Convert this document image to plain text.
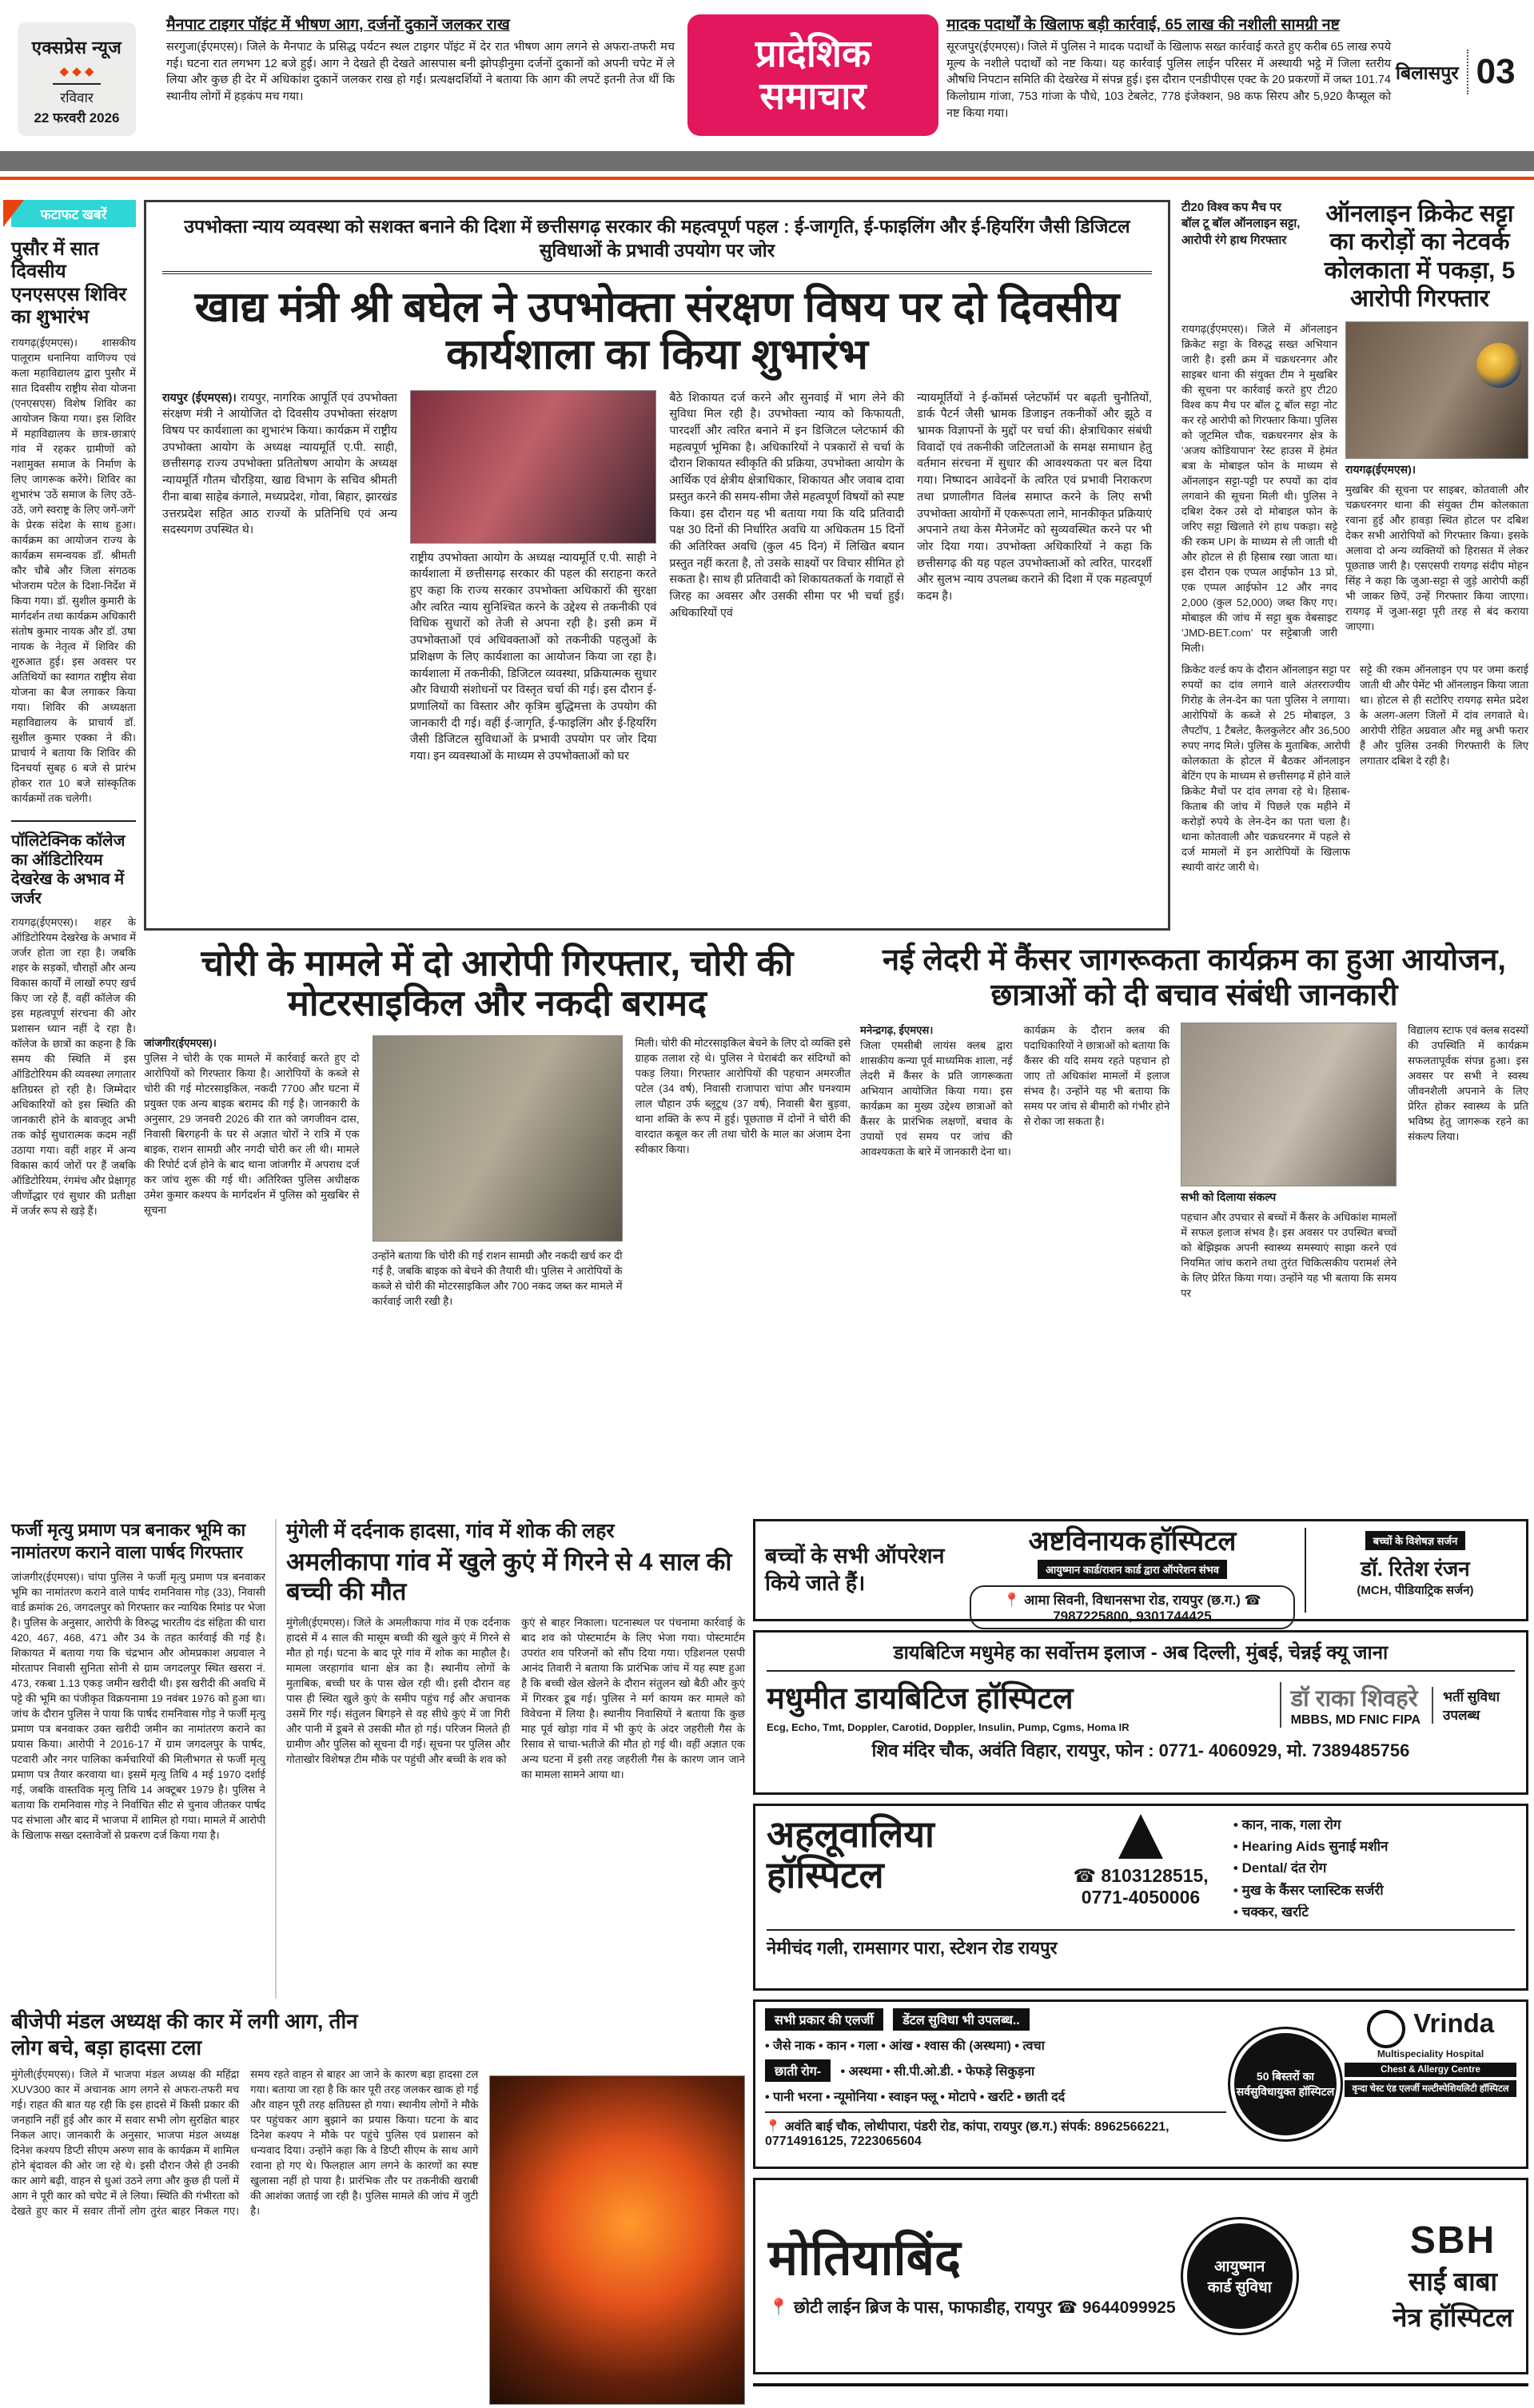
एक्सप्रेस न्यूज
◆ ◆ ◆
रविवार
22 फरवरी 2026
मैनपाट टाइगर पॉइंट में भीषण आग, दर्जनों दुकानें जलकर राख
सरगुजा(ईएमएस)। जिले के मैनपाट के प्रसिद्ध पर्यटन स्थल टाइगर पॉइंट में देर रात भीषण आग लगने से अफरा-तफरी मच गई। घटना रात लगभग 12 बजे हुई। आग ने देखते ही देखते आसपास बनी झोपड़ीनुमा दर्जनों दुकानों को अपनी चपेट में ले लिया और कुछ ही देर में अधिकांश दुकानें जलकर राख हो गईं। प्रत्यक्षदर्शियों ने बताया कि आग की लपटें इतनी तेज थीं कि स्थानीय लोगों में हड़कंप मच गया।
प्रादेशिक
समाचार
मादक पदार्थों के खिलाफ बड़ी कार्रवाई, 65 लाख की नशीली सामग्री नष्ट
सूरजपुर(ईएमएस)। जिले में पुलिस ने मादक पदार्थों के खिलाफ सख्त कार्रवाई करते हुए करीब 65 लाख रुपये मूल्य के नशीले पदार्थों को नष्ट किया। यह कार्रवाई पुलिस लाईन परिसर में अस्थायी भट्ठे में जिला स्तरीय औषधि निपटान समिति की देखरेख में संपन्न हुई। इस दौरान एनडीपीएस एक्ट के 20 प्रकरणों में जब्त 101.74 किलोग्राम गांजा, 753 गांजा के पौधे, 103 टेबलेट, 778 इंजेक्शन, 98 कफ सिरप और 5,920 कैप्सूल को नष्ट किया गया।
बिलासपुर 03
फटाफट खबरें
पुसौर में सात दिवसीय एनएसएस शिविर का शुभारंभ
रायगढ़(ईएमएस)। शासकीय पालूराम धनानिया वाणिज्य एवं कला महाविद्यालय द्वारा पुसौर में सात दिवसीय राष्ट्रीय सेवा योजना (एनएसएस) विशेष शिविर का आयोजन किया गया। इस शिविर में महाविद्यालय के छात्र-छात्राएं गांव में रहकर ग्रामीणों को नशामुक्त समाज के निर्माण के लिए जागरूक करेंगे। शिविर का शुभारंभ 'उठें समाज के लिए उठें-उठें, जगे स्वराष्ट्र के लिए जगें-जगें' के प्रेरक संदेश के साथ हुआ। कार्यक्रम का आयोजन राज्य के कार्यक्रम समन्वयक डॉ. श्रीमती कौर चौबे और जिला संगठक भोजराम पटेल के दिशा-निर्देश में किया गया। डॉ. सुशील कुमारी के मार्गदर्शन तथा कार्यक्रम अधिकारी संतोष कुमार नायक और डॉ. उषा नायक के नेतृत्व में शिविर की शुरुआत हुई। इस अवसर पर अतिथियों का स्वागत राष्ट्रीय सेवा योजना का बैज लगाकर किया गया। शिविर की अध्यक्षता महाविद्यालय के प्राचार्य डॉ. सुशील कुमार एक्का ने की। प्राचार्य ने बताया कि शिविर की दिनचर्या सुबह 6 बजे से प्रारंभ होकर रात 10 बजे सांस्कृतिक कार्यक्रमों तक चलेगी।
पॉलिटेक्निक कॉलेज का ऑडिटोरियम देखरेख के अभाव में जर्जर
रायगढ़(ईएमएस)। शहर के ऑडिटोरियम देखरेख के अभाव में जर्जर होता जा रहा है। जबकि शहर के सड़कों, चौराहों और अन्य विकास कार्यों में लाखों रुपए खर्च किए जा रहे हैं, वहीं कॉलेज की इस महत्वपूर्ण संरचना की ओर प्रशासन ध्यान नहीं दे रहा है। कॉलेज के छात्रों का कहना है कि समय की स्थिति में इस ऑडिटोरियम की व्यवस्था लगातार क्षतिग्रस्त हो रही है। जिम्मेदार अधिकारियों को इस स्थिति की जानकारी होने के बावजूद अभी तक कोई सुधारात्मक कदम नहीं उठाया गया। वहीं शहर में अन्य विकास कार्य जोरों पर हैं जबकि ऑडिटोरियम, रंगमंच और प्रेक्षागृह जीर्णोद्धार एवं सुधार की प्रतीक्षा में जर्जर रूप से खड़े हैं।
उपभोक्ता न्याय व्यवस्था को सशक्त बनाने की दिशा में छत्तीसगढ़ सरकार की महत्वपूर्ण पहल : ई-जागृति, ई-फाइलिंग और ई-हियरिंग जैसी डिजिटल सुविधाओं के प्रभावी उपयोग पर जोर
खाद्य मंत्री श्री बघेल ने उपभोक्ता संरक्षण विषय पर दो दिवसीय कार्यशाला का किया शुभारंभ
रायपुर (ईएमएस)। रायपुर, नागरिक आपूर्ति एवं उपभोक्ता संरक्षण मंत्री ने आयोजित दो दिवसीय उपभोक्ता संरक्षण विषय पर कार्यशाला का शुभारंभ किया। कार्यक्रम में राष्ट्रीय उपभोक्ता आयोग के अध्यक्ष न्यायमूर्ति ए.पी. साही, छत्तीसगढ़ राज्य उपभोक्ता प्रतितोषण आयोग के अध्यक्ष न्यायमूर्ति गौतम चौरड़िया, खाद्य विभाग के सचिव श्रीमती रीना बाबा साहेब कंगाले, मध्यप्रदेश, गोवा, बिहार, झारखंड उत्तरप्रदेश सहित आठ राज्यों के प्रतिनिधि एवं अन्य सदस्यगण उपस्थित थे।
राष्ट्रीय उपभोक्ता आयोग के अध्यक्ष न्यायमूर्ति ए.पी. साही ने कार्यशाला में छत्तीसगढ़ सरकार की पहल की सराहना करते हुए कहा कि राज्य सरकार उपभोक्ता अधिकारों की सुरक्षा और त्वरित न्याय सुनिश्चित करने के उद्देश्य से तकनीकी एवं विधिक सुधारों को तेजी से अपना रही है। इसी क्रम में उपभोक्ताओं एवं अधिवक्ताओं को तकनीकी पहलुओं के प्रशिक्षण के लिए कार्यशाला का आयोजन किया जा रहा है। कार्यशाला में तकनीकी, डिजिटल व्यवस्था, प्रक्रियात्मक सुधार और विधायी संशोधनों पर विस्तृत चर्चा की गई। इस दौरान ई-प्रणालियों का विस्तार और कृत्रिम बुद्धिमत्ता के उपयोग की जानकारी दी गई। वहीं ई-जागृति, ई-फाइलिंग और ई-हियरिंग जैसी डिजिटल सुविधाओं के प्रभावी उपयोग पर जोर दिया गया। इन व्यवस्थाओं के माध्यम से उपभोक्ताओं को घर
बैठे शिकायत दर्ज करने और सुनवाई में भाग लेने की सुविधा मिल रही है। उपभोक्ता न्याय को किफायती, पारदर्शी और त्वरित बनाने में इन डिजिटल प्लेटफार्म की महत्वपूर्ण भूमिका है। अधिकारियों ने पत्रकारों से चर्चा के दौरान शिकायत स्वीकृति की प्रक्रिया, उपभोक्ता आयोग के आर्थिक एवं क्षेत्रीय क्षेत्राधिकार, शिकायत और जवाब दावा प्रस्तुत करने की समय-सीमा जैसे महत्वपूर्ण विषयों को स्पष्ट किया। इस दौरान यह भी बताया गया कि यदि प्रतिवादी पक्ष 30 दिनों की निर्धारित अवधि या अधिकतम 15 दिनों की अतिरिक्त अवधि (कुल 45 दिन) में लिखित बयान प्रस्तुत नहीं करता है, तो उसके साक्ष्यों पर विचार सीमित हो सकता है। साथ ही प्रतिवादी को शिकायतकर्ता के गवाहों से जिरह का अवसर और उसकी सीमा पर भी चर्चा हुई। अधिकारियों एवं
न्यायमूर्तियों ने ई-कॉमर्स प्लेटफॉर्म पर बढ़ती चुनौतियों, डार्क पैटर्न जैसी भ्रामक डिजाइन तकनीकों और झूठे व भ्रामक विज्ञापनों के मुद्दों पर चर्चा की। क्षेत्राधिकार संबंधी विवादों एवं तकनीकी जटिलताओं के समक्ष समाधान हेतु वर्तमान संरचना में सुधार की आवश्यकता पर बल दिया गया। निष्पादन आवेदनों के त्वरित एवं प्रभावी निराकरण तथा प्रणालीगत विलंब समाप्त करने के लिए सभी उपभोक्ता आयोगों में एकरूपता लाने, मानकीकृत प्रक्रियाएं अपनाने तथा केस मैनेजमेंट को सुव्यवस्थित करने पर भी जोर दिया गया। उपभोक्ता अधिकारियों ने कहा कि छत्तीसगढ़ की यह पहल उपभोक्ताओं को त्वरित, पारदर्शी और सुलभ न्याय उपलब्ध कराने की दिशा में एक महत्वपूर्ण कदम है।
टी20 विश्व कप मैच पर बॉल टू बॉल ऑनलाइन सट्टा, आरोपी रंगे हाथ गिरफ्तार
ऑनलाइन क्रिकेट सट्टा का करोड़ों का नेटवर्क कोलकाता में पकड़ा, 5 आरोपी गिरफ्तार
रायगढ़(ईएमएस)। जिले में ऑनलाइन क्रिकेट सट्टा के विरुद्ध सख्त अभियान जारी है। इसी क्रम में चक्रधरनगर और साइबर थाना की संयुक्त टीम ने मुखबिर की सूचना पर कार्रवाई करते हुए टी20 विश्व कप मैच पर बॉल टू बॉल सट्टा नोट कर रहे आरोपी को गिरफ्तार किया। पुलिस को जूटमिल चौक, चक्रधरनगर क्षेत्र के 'अजय कोडियापान' रेस्ट हाउस में हेमंत बत्रा के मोबाइल फोन के माध्यम से ऑनलाइन सट्टा-पट्टी पर रुपयों का दांव लगवाने की सूचना मिली थी। पुलिस ने दबिश देकर उसे दो मोबाइल फोन के जरिए सट्टा खिलाते रंगे हाथ पकड़ा। सट्टे की रकम UPI के माध्यम से ली जाती थी और होटल से ही हिसाब रखा जाता था। इस दौरान एक एप्पल आईफोन 13 प्रो, एक एप्पल आईफोन 12 और नगद 2,000 (कुल 52,000) जब्त किए गए। मोबाइल की जांच में सट्टा बुक वेबसाइट 'JMD-BET.com' पर सट्टेबाजी जारी मिली।
रायगढ़(ईएमएस)।
मुखबिर की सूचना पर साइबर, कोतवाली और चक्रधरनगर थाना की संयुक्त टीम कोलकाता रवाना हुई और हावड़ा स्थित होटल पर दबिश देकर सभी आरोपियों को गिरफ्तार किया। इसके अलावा दो अन्य व्यक्तियों को हिरासत में लेकर पूछताछ जारी है। एसएसपी रायगढ़ संदीप मोहन सिंह ने कहा कि जुआ-सट्टा से जुड़े आरोपी कहीं भी जाकर छिपें, उन्हें गिरफ्तार किया जाएगा। रायगढ़ में जुआ-सट्टा पूरी तरह से बंद कराया जाएगा।
क्रिकेट वर्ल्ड कप के दौरान ऑनलाइन सट्टा पर रुपयों का दांव लगाने वाले अंतरराज्यीय गिरोह के लेन-देन का पता पुलिस ने लगाया। आरोपियों के कब्जे से 25 मोबाइल, 3 लैपटॉप, 1 टैबलेट, कैलकुलेटर और 36,500 रुपए नगद मिले। पुलिस के मुताबिक, आरोपी कोलकाता के होटल में बैठकर ऑनलाइन बेटिंग एप के माध्यम से छत्तीसगढ़ में होने वाले क्रिकेट मैचों पर दांव लगवा रहे थे। हिसाब-किताब की जांच में पिछले एक महीने में करोड़ों रुपये के लेन-देन का पता चला है। थाना कोतवाली और चक्रधरनगर में पहले से दर्ज मामलों में इन आरोपियों के खिलाफ स्थायी वारंट जारी थे।
सट्टे की रकम ऑनलाइन एप पर जमा कराई जाती थी और पेमेंट भी ऑनलाइन किया जाता था। होटल से ही सटोरिए रायगढ़ समेत प्रदेश के अलग-अलग जिलों में दांव लगवाते थे। आरोपी रोहित अग्रवाल और मन्नु अभी फरार हैं और पुलिस उनकी गिरफ्तारी के लिए लगातार दबिश दे रही है।
चोरी के मामले में दो आरोपी गिरफ्तार, चोरी की मोटरसाइकिल और नकदी बरामद
जांजगीर(ईएमएस)।
पुलिस ने चोरी के एक मामले में कार्रवाई करते हुए दो आरोपियों को गिरफ्तार किया है। आरोपियों के कब्जे से चोरी की गई मोटरसाइकिल, नकदी 7700 और घटना में प्रयुक्त एक अन्य बाइक बरामद की गई है। जानकारी के अनुसार, 29 जनवरी 2026 की रात को जगजीवन दास, निवासी बिरगहनी के घर से अज्ञात चोरों ने रात्रि में एक बाइक, राशन सामग्री और नगदी चोरी कर ली थी। मामले की रिपोर्ट दर्ज होने के बाद थाना जांजगीर में अपराध दर्ज कर जांच शुरू की गई थी। अतिरिक्त पुलिस अधीक्षक उमेश कुमार कश्यप के मार्गदर्शन में पुलिस को मुखबिर से सूचना
उन्होंने बताया कि चोरी की गई राशन सामग्री और नकदी खर्च कर दी गई है, जबकि बाइक को बेचने की तैयारी थी। पुलिस ने आरोपियों के कब्जे से चोरी की मोटरसाइकिल और 700 नकद जब्त कर मामले में कार्रवाई जारी रखी है।
मिली। चोरी की मोटरसाइकिल बेचने के लिए दो व्यक्ति इसे ग्राहक तलाश रहे थे। पुलिस ने घेराबंदी कर संदिग्धों को पकड़ लिया। गिरफ्तार आरोपियों की पहचान अमरजीत पटेल (34 वर्ष), निवासी राजापारा चांपा और घनश्याम लाल चौहान उर्फ ब्लूटूथ (37 वर्ष), निवासी बैरा बुड़वा, थाना शक्ति के रूप में हुई। पूछताछ में दोनों ने चोरी की वारदात कबूल कर ली तथा चोरी के माल का अंजाम देना स्वीकार किया।
नई लेदरी में कैंसर जागरूकता कार्यक्रम का हुआ आयोजन, छात्राओं को दी बचाव संबंधी जानकारी
मनेन्द्रगढ़, ईएमएस।
जिला एमसीबी लायंस क्लब द्वारा शासकीय कन्या पूर्व माध्यमिक शाला, नई लेदरी में कैंसर के प्रति जागरूकता अभियान आयोजित किया गया। इस कार्यक्रम का मुख्य उद्देश्य छात्राओं को कैंसर के प्रारंभिक लक्षणों, बचाव के उपायों एवं समय पर जांच की आवश्यकता के बारे में जानकारी देना था।
कार्यक्रम के दौरान क्लब की पदाधिकारियों ने छात्राओं को बताया कि कैंसर की यदि समय रहते पहचान हो जाए तो अधिकांश मामलों में इलाज संभव है। उन्होंने यह भी बताया कि समय पर जांच से बीमारी को गंभीर होने से रोका जा सकता है।
सभी को दिलाया संकल्प
पहचान और उपचार से बच्चों में कैंसर के अधिकांश मामलों में सफल इलाज संभव है। इस अवसर पर उपस्थित बच्चों को बेझिझक अपनी स्वास्थ्य समस्याएं साझा करने एवं नियमित जांच कराने तथा तुरंत चिकित्सकीय परामर्श लेने के लिए प्रेरित किया गया। उन्होंने यह भी बताया कि समय पर
विद्यालय स्टाफ एवं क्लब सदस्यों की उपस्थिति में कार्यक्रम सफलतापूर्वक संपन्न हुआ। इस अवसर पर सभी ने स्वस्थ जीवनशैली अपनाने के लिए प्रेरित होकर स्वास्थ्य के प्रति भविष्य हेतु जागरूक रहने का संकल्प लिया।
फर्जी मृत्यु प्रमाण पत्र बनाकर भूमि का नामांतरण कराने वाला पार्षद गिरफ्तार
जांजगीर(ईएमएस)। चांपा पुलिस ने फर्जी मृत्यु प्रमाण पत्र बनवाकर भूमि का नामांतरण कराने वाले पार्षद रामनिवास गोड़ (33), निवासी वार्ड क्रमांक 26, जगदलपुर को गिरफ्तार कर न्यायिक रिमांड पर भेजा है। पुलिस के अनुसार, आरोपी के विरुद्ध भारतीय दंड संहिता की धारा 420, 467, 468, 471 और 34 के तहत कार्रवाई की गई है। शिकायत में बताया गया कि चंद्रभान और ओमप्रकाश अग्रवाल ने मोरतापर निवासी सुनिता सोनी से ग्राम जगदलपुर स्थित खसरा नं. 473, रकबा 1.13 एकड़ जमीन खरीदी थी। इस खरीदी की अवधि में पट्टे की भूमि का पंजीकृत विक्रयनामा 19 नवंबर 1976 को हुआ था। जांच के दौरान पुलिस ने पाया कि पार्षद रामनिवास गोड़ ने फर्जी मृत्यु प्रमाण पत्र बनवाकर उक्त खरीदी जमीन का नामांतरण कराने का प्रयास किया। आरोपी ने 2016-17 में ग्राम जगदलपुर के पार्षद, पटवारी और नगर पालिका कर्मचारियों की मिलीभगत से फर्जी मृत्यु प्रमाण पत्र तैयार करवाया था। इसमें मृत्यु तिथि 4 मई 1970 दर्शाई गई, जबकि वास्तविक मृत्यु तिथि 14 अक्टूबर 1979 है। पुलिस ने बताया कि रामनिवास गोड़ ने निर्वाचित सीट से चुनाव जीतकर पार्षद पद संभाला और बाद में भाजपा में शामिल हो गया। मामले में आरोपी के खिलाफ सख्त दस्तावेजों से प्रकरण दर्ज किया गया है।
मुंगेली में दर्दनाक हादसा, गांव में शोक की लहर
अमलीकापा गांव में खुले कुएं में गिरने से 4 साल की बच्ची की मौत
मुंगेली(ईएमएस)। जिले के अमलीकापा गांव में एक दर्दनाक हादसे में 4 साल की मासूम बच्ची की खुले कुएं में गिरने से मौत हो गई। घटना के बाद पूरे गांव में शोक का माहौल है। मामला जरहागांव थाना क्षेत्र का है। स्थानीय लोगों के मुताबिक, बच्ची घर के पास खेल रही थी। इसी दौरान वह पास ही स्थित खुले कुएं के समीप पहुंच गई और अचानक उसमें गिर गई। संतुलन बिगड़ने से वह सीधे कुएं में जा गिरी और पानी में डूबने से उसकी मौत हो गई। परिजन मिलते ही ग्रामीण और पुलिस को सूचना दी गई। सूचना पर पुलिस और गोताखोर विशेषज्ञ टीम मौके पर पहुंची और बच्ची के शव को
कुएं से बाहर निकाला। घटनास्थल पर पंचनामा कार्रवाई के बाद शव को पोस्टमार्टम के लिए भेजा गया। पोस्टमार्टम उपरांत शव परिजनों को सौंप दिया गया। एडिशनल एसपी आनंद तिवारी ने बताया कि प्रारंभिक जांच में यह स्पष्ट हुआ है कि बच्ची खेल खेलने के दौरान संतुलन खो बैठी और कुएं में गिरकर डूब गई। पुलिस ने मर्ग कायम कर मामले को विवेचना में लिया है। स्थानीय निवासियों ने बताया कि कुछ माह पूर्व खोड़ा गांव में भी कुएं के अंदर जहरीली गैस के रिसाव से चाचा-भतीजे की मौत हो गई थी। वहीं अज्ञात एक अन्य घटना में इसी तरह जहरीली गैस के कारण जान जाने का मामला सामने आया था।
बीजेपी मंडल अध्यक्ष की कार में लगी आग, तीन लोग बचे, बड़ा हादसा टला
मुंगेली(ईएमएस)। जिले में भाजपा मंडल अध्यक्ष की महिंद्रा XUV300 कार में अचानक आग लगने से अफरा-तफरी मच गई। राहत की बात यह रही कि इस हादसे में किसी प्रकार की जनहानि नहीं हुई और कार में सवार सभी लोग सुरक्षित बाहर निकल आए। जानकारी के अनुसार, भाजपा मंडल अध्यक्ष दिनेश कश्यप डिप्टी सीएम अरुण साव के कार्यक्रम में शामिल होने बृंदावल की ओर जा रहे थे। इसी दौरान जैसे ही उनकी कार आगे बढ़ी, वाहन से धुआं उठने लगा और कुछ ही पलों में आग ने पूरी कार को चपेट में ले लिया। स्थिति की गंभीरता को देखते हुए कार में सवार तीनों लोग तुरंत बाहर निकल गए। समय रहते वाहन से बाहर आ जाने के कारण बड़ा हादसा टल गया। बताया जा रहा है कि कार पूरी तरह जलकर खाक हो गई और वाहन पूरी तरह क्षतिग्रस्त हो गया। स्थानीय लोगों ने मौके पर पहुंचकर आग बुझाने का प्रयास किया। घटना के बाद दिनेश कश्यप ने मौके पर पहुंचे पुलिस एवं प्रशासन को धन्यवाद दिया। उन्होंने कहा कि वे डिप्टी सीएम के साथ आगे रवाना हो गए थे। फिलहाल आग लगने के कारणों का स्पष्ट खुलासा नहीं हो पाया है। प्रारंभिक तौर पर तकनीकी खराबी की आशंका जताई जा रही है। पुलिस मामले की जांच में जुटी है।
बच्चों के सभी ऑपरेशन किये जाते हैं।
अष्टविनायक हॉस्पिटल
आयुष्मान कार्ड/राशन कार्ड द्वारा ऑपरेशन संभव
📍 आमा सिवनी, विधानसभा रोड, रायपुर (छ.ग.) ☎ 7987225800, 9301744425
बच्चों के विशेषज्ञ सर्जन
डॉ. रितेश रंजन
(MCH, पीडियाट्रिक सर्जन)
डायबिटिज मधुमेह का सर्वोत्तम इलाज - अब दिल्ली, मुंबई, चेन्नई क्यू जाना
मधुमीत डायबिटिज हॉस्पिटल
Ecg, Echo, Tmt, Doppler, Carotid, Doppler, Insulin, Pump, Cgms, Homa IR
डॉ राका शिवहरे
MBBS, MD FNIC FIPA
भर्ती सुविधा उपलब्ध
शिव मंदिर चौक, अवंति विहार, रायपुर, फोन : 0771- 4060929, मो. 7389485756
अहलूवालिया
हॉस्पिटल	☎ 8103128515,
0771-4050006
• कान, नाक, गला रोग
• Hearing Aids सुनाई मशीन
• Dental/ दंत रोग
• मुख के कैंसर प्लास्टिक सर्जरी
• चक्कर, खर्राटे
नेमीचंद गली, रामसागर पारा, स्टेशन रोड रायपुर
सभी प्रकार की एलर्जी डेंटल सुविधा भी उपलब्ध..
• जैसे नाक • कान • गला • आंख • श्वास की (अस्थमा) • त्वचा
छाती रोग- • अस्थमा • सी.पी.ओ.डी. • फेफड़े सिकुड़ना
• पानी भरना • न्यूमोनिया • स्वाइन फ्लू • मोटापे • खर्राटे • छाती दर्द
📍 अवंति बाई चौक, लोथीपारा, पंडरी रोड, कांपा, रायपुर (छ.ग.) संपर्क: 8962566221, 07714916125, 7223065604
50 बिस्तरों का
सर्वसुविधायुक्त हॉस्पिटल
Vrinda
Multispeciality Hospital
Chest & Allergy Centre
वृन्दा चेस्ट एंड एलर्जी मल्टीस्पेशियलिटी हॉस्पिटल
मोतियाबिंद
📍 छोटी लाईन ब्रिज के पास, फाफाडीह, रायपुर ☎ 9644099925
आयुष्मान
कार्ड सुविधा
SBH
साईं बाबा
नेत्र हॉस्पिटल
